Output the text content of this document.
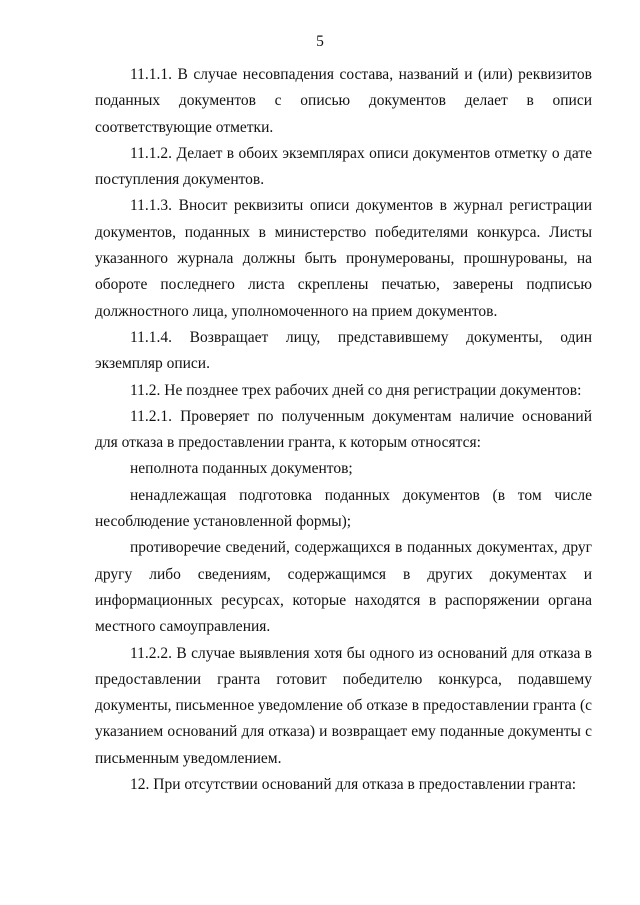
5

11.1.1. В случае несовпадения состава, названий и (или) реквизитов поданных документов с описью документов делает в описи соответствующие отметки.

11.1.2. Делает в обоих экземплярах описи документов отметку о дате поступления документов.

11.1.3. Вносит реквизиты описи документов в журнал регистрации документов, поданных в министерство победителями конкурса. Листы указанного журнала должны быть пронумерованы, прошнурованы, на обороте последнего листа скреплены печатью, заверены подписью должностного лица, уполномоченного на прием документов.

11.1.4. Возвращает лицу, представившему документы, один экземпляр описи.

11.2. Не позднее трех рабочих дней со дня регистрации документов:

11.2.1. Проверяет по полученным документам наличие оснований для отказа в предоставлении гранта, к которым относятся:

неполнота поданных документов;

ненадлежащая подготовка поданных документов (в том числе несоблюдение установленной формы);

противоречие сведений, содержащихся в поданных документах, друг другу либо сведениям, содержащимся в других документах и информационных ресурсах, которые находятся в распоряжении органа местного самоуправления.

11.2.2. В случае выявления хотя бы одного из оснований для отказа в предоставлении гранта готовит победителю конкурса, подавшему документы, письменное уведомление об отказе в предоставлении гранта (с указанием оснований для отказа) и возвращает ему поданные документы с письменным уведомлением.

12. При отсутствии оснований для отказа в предоставлении гранта:
